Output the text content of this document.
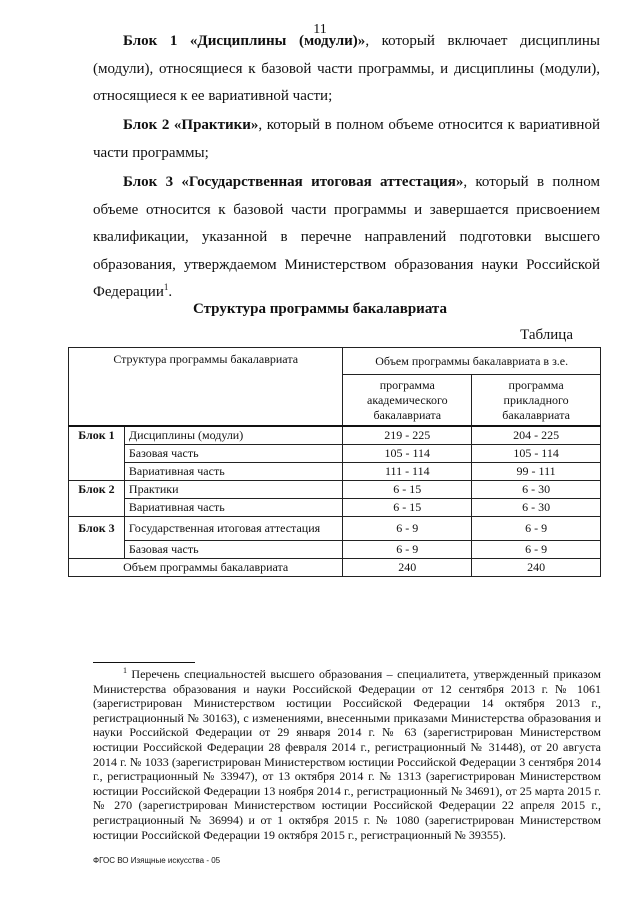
11

Блок 1 «Дисциплины (модули)», который включает дисциплины (модули), относящиеся к базовой части программы, и дисциплины (модули), относящиеся к ее вариативной части;

Блок 2 «Практики», который в полном объеме относится к вариативной части программы;

Блок 3 «Государственная итоговая аттестация», который в полном объеме относится к базовой части программы и завершается присвоением квалификации, указанной в перечне направлений подготовки высшего образования, утверждаемом Министерством образования науки Российской Федерации$^1$.

Структура программы бакалавриата
Таблица
Структура программы бакалавриата		Объем программы бакалавриата в з.е.	
		программа академического бакалавриата	программа прикладного бакалавриата
Блок 1	Дисциплины (модули)	219 - 225	204 - 225
	Базовая часть	105 - 114	105 - 114
	Вариативная часть	111 - 114	99 - 111
Блок 2	Практики	6 - 15	6 - 30
	Вариативная часть	6 - 15	6 - 30
Блок 3	Государственная итоговая аттестация	6 - 9	6 - 9
	Базовая часть	6 - 9	6 - 9
Объем программы бакалавриата		240	240
$^1$ Перечень специальностей высшего образования – специалитета, утвержденный приказом Министерства образования и науки Российской Федерации от 12 сентября 2013 г. № 1061 (зарегистрирован Министерством юстиции Российской Федерации 14 октября 2013 г., регистрационный № 30163), с изменениями, внесенными приказами Министерства образования и науки Российской Федерации от 29 января 2014 г. № 63 (зарегистрирован Министерством юстиции Российской Федерации 28 февраля 2014 г., регистрационный № 31448), от 20 августа 2014 г. № 1033 (зарегистрирован Министерством юстиции Российской Федерации 3 сентября 2014 г., регистрационный № 33947), от 13 октября 2014 г. № 1313 (зарегистрирован Министерством юстиции Российской Федерации 13 ноября 2014 г., регистрационный № 34691), от 25 марта 2015 г. № 270 (зарегистрирован Министерством юстиции Российской Федерации 22 апреля 2015 г., регистрационный № 36994) и от 1 октября 2015 г. № 1080 (зарегистрирован Министерством юстиции Российской Федерации 19 октября 2015 г., регистрационный № 39355).
ФГОС ВО Изящные искусства - 05
